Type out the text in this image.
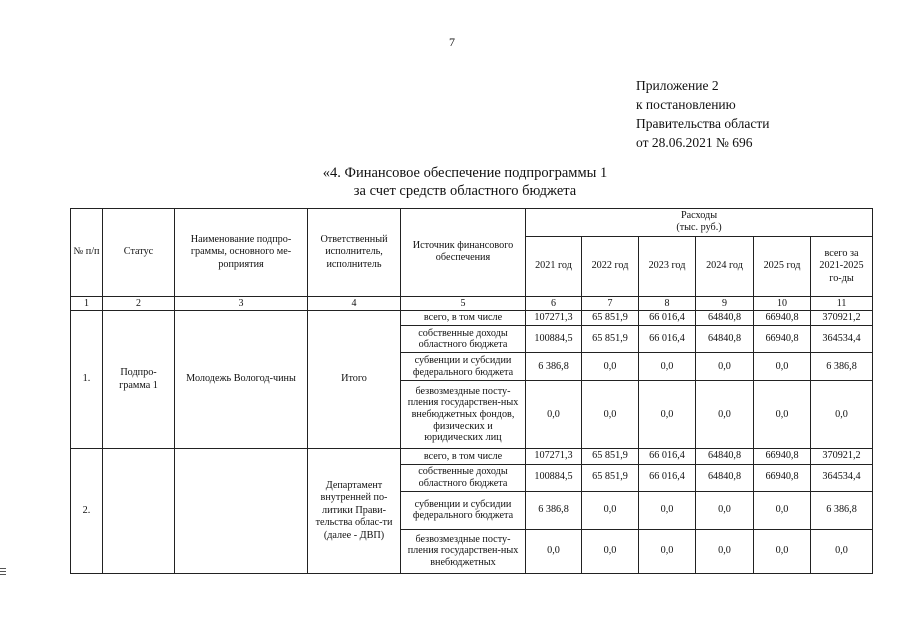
7
Приложение 2
к постановлению
Правительства области
от 28.06.2021 № 696
«4. Финансовое обеспечение подпрограммы 1
за счет средств областного бюджета
№ п/п	Статус	Наименование подпро-граммы, основного ме-роприятия	Ответственный исполнитель, исполнитель	Источник финансового обеспечения	Расходы
(тыс. руб.)					

					2021 год	2022 год	2023 год	2024 год	2025 год	всего за 2021-2025 го-ды
1	2	3	4	5	6	7	8	9	10	11
1.	Подпро-грамма 1	Молодежь Вологод-чины	Итого	всего, в том числе	107271,3	65 851,9	66 016,4	64840,8	66940,8	370921,2
				собственные доходы областного бюджета	100884,5	65 851,9	66 016,4	64840,8	66940,8	364534,4
				субвенции и субсидии федерального бюджета	6 386,8	0,0	0,0	0,0	0,0	6 386,8
				безвозмездные посту-пления государствен-ных внебюджетных фондов, физических и юридических лиц	0,0	0,0	0,0	0,0	0,0	0,0
2.			Департамент внутренней по-литики Прави-тельства облас-ти (далее - ДВП)	всего, в том числе	107271,3	65 851,9	66 016,4	64840,8	66940,8	370921,2
				собственные доходы областного бюджета	100884,5	65 851,9	66 016,4	64840,8	66940,8	364534,4
				субвенции и субсидии федерального бюджета	6 386,8	0,0	0,0	0,0	0,0	6 386,8
				безвозмездные посту-пления государствен-ных внебюджетных	0,0	0,0	0,0	0,0	0,0	0,0
